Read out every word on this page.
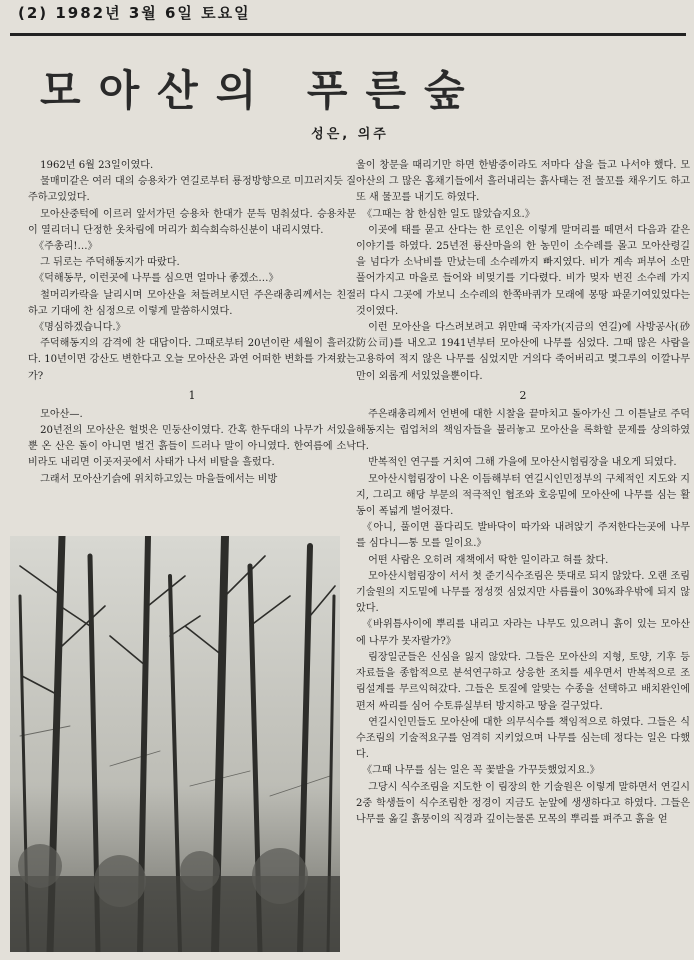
(2) 1982년 3월 6일 토요일
모아산의 푸른숲
성은, 의주

1962년 6월 23일이였다.

물매미같은 여러 대의 승용차가 연길로부터 룡정방향으로 미끄러지듯 질주하고있었다.

모아산중턱에 이르러 앞서가던 승용차 한대가 문득 멈춰섰다. 승용차문이 열리더니 단정한 옷차림에 머리가 희슥희슥하신분이 내리시였다.

《주총리!…》

그 뒤로는 주덕해동지가 따랐다.

《덕해동무, 이런곳에 나무를 심으면 얼마나 좋겠소…》

철머리카락을 날리시며 모아산을 쳐들려보시던 주은래총리께서는 친절하고 기대에 찬 심정으로 이렇게 말씀하시였다.

《명심하겠습니다.》

주덕해동지의 감격에 찬 대답이다. 그때로부터 20년이란 세월이 흘러갔다. 10년이면 강산도 변한다고 오늘 모아산은 과연 어떠한 변화를 가져왔는가?

1

모아산—.

20년전의 모아산은 헐벗은 민둥산이였다. 간혹 한두대의 나무가 서있을뿐 온 산은 돌이 아니면 벌건 흙들이 드러나 말이 아니였다. 한여름에 소낙비라도 내리면 이곳저곳에서 사태가 나서 비탈을 흘렀다.

그래서 모아산기슭에 위치하고있는 마을들에서는 비방

울이 창문을 때리기만 하면 한밤중이라도 저마다 삽을 들고 나서야 했다. 모아산의 그 많은 홈채기들에서 흘러내리는 흙사태는 전 물꼬를 채우기도 하고 또 새 물꼬를 내기도 하였다.

《그때는 참 한심한 일도 많았습지요.》

이곳에 태를 묻고 산다는 한 로인은 이렇게 말머리를 떼면서 다음과 같은 이야기를 하였다. 25년전 룡산마을의 한 농민이 소수레를 몰고 모아산령길을 넘다가 소낙비를 만났는데 소수레까지 빠지였다. 비가 계속 퍼부어 소만 풀어가지고 마을로 들어와 비멎기를 기다렸다. 비가 멎자 번진 소수레 가지러 다시 그곳에 가보니 소수레의 한쪽바퀴가 모래에 몽땅 파묻기여있었다는것이였다.

이런 모아산을 다스려보려고 위만때 국자가(지금의 연길)에 사방공사(砂防公司)를 내오고 1941년부터 모아산에 나무를 심었다. 그때 많은 사람을 고용하여 적지 않은 나무를 심었지만 거의다 죽어버리고 몇그루의 이깔나무만이 외롭게 서있었을뿐이다.

2

주은래총리께서 언변에 대한 시찰을 끝마치고 돌아가신 그 이튿날로 주덕해동지는 립업처의 책임자들을 불러놓고 모아산을 록화할 문제를 상의하였다.

반복적인 연구를 거치여 그해 가을에 모아산시험림장을 내오게 되였다.

모아산시험림장이 나온 이듬해부터 연길시인민정부의 구체적인 지도와 지지, 그리고 해당 부문의 적극적인 협조와 호응밑에 모아산에 나무를 심는 활동이 폭넓게 벌어졌다.

《아니, 풀이면 풀다리도 발바닥이 따가와 내려앉기 주저한다는곳에 나무를 심다니—통 모를 일이요.》

어떤 사람은 오히려 재책에서 딱한 일이라고 혀를 찼다.

모아산시험림장이 서서 첫 준기식수조림은 뜻대로 되지 않았다. 오랜 조림기술원의 지도밑에 나무를 정성껏 심었지만 사름률이 30%좌우밖에 되지 않았다.

《바위틈사이에 뿌리를 내리고 자라는 나무도 있으려니 흙이 있는 모아산에 나무가 못자랄가?》

림장일군들은 신심을 잃지 않았다. 그들은 모아산의 지형, 토양, 기후 등 자료들을 종합적으로 분석연구하고 상응한 조치를 세우면서 반복적으로 조림설계를 무르익혀갔다. 그들은 토질에 알맞는 수종을 선택하고 배치완인에 편저 싸리를 심어 수토류실부터 방지하고 땅을 걸구었다.

연길시인민들도 모아산에 대한 의무식수를 책임적으로 하였다. 그들은 식수조림의 기술적요구를 엄격히 지키었으며 나무를 심는데 정다는 일은 다했다.

《그때 나무를 심는 일은 꼭 꽃밭을 가꾸듯했었지요.》

그당시 식수조림을 지도한 이 림장의 한 기술원은 이렇게 말하면서 연길시2중 학생들이 식수조림한 정경이 지금도 눈앞에 생생하다고 하였다. 그들은 나무를 옮길 흙뭉이의 직경과 깊이는물론 모목의 뿌리를 펴주고 흙을 얻
